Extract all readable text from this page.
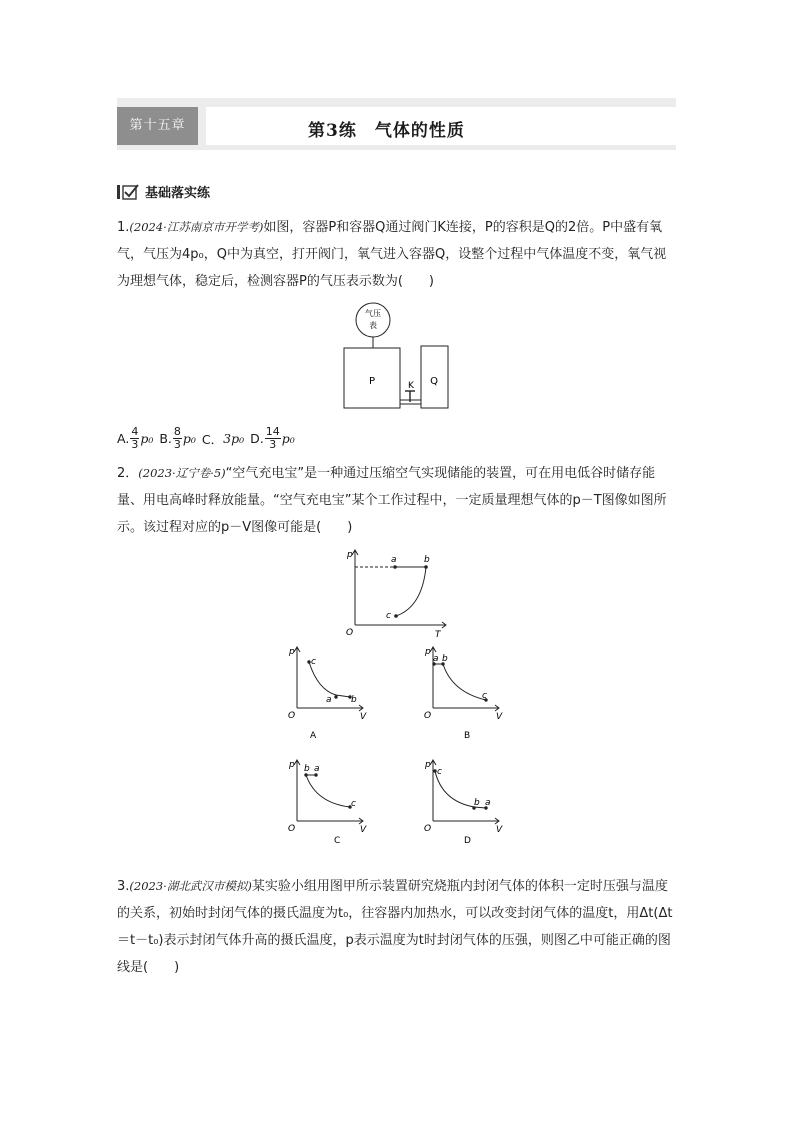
第十五章	第3练　气体的性质
基础落实练
1.(2024·江苏南京市开学考)如图，容器P和容器Q通过阀门K连接，P的容积是Q的2倍。P中盛有氧气，气压为4p₀，Q中为真空，打开阀门，氧气进入容器Q，设整个过程中气体温度不变，氧气视为理想气体，稳定后，检测容器P的气压表示数为(　　)
气压
表
P	Q
K
A. $\frac{4}{3} p_0$ B. $\frac{8}{3} p_0$ C． 3p₀ D. $\frac{14}{3} p_0$
2．(2023·辽宁卷·5)“空气充电宝”是一种通过压缩空气实现储能的装置，可在用电低谷时储存能量、用电高峰时释放能量。“空气充电宝”某个工作过程中，一定质量理想气体的p－T图像如图所示。该过程对应的p－V图像可能是(　　)
p
T
O
a	b
c
p
V
O
c
a b
A
p
V
O
a b
c
B
p
V
O
b a
c
C
p
V
O
c
b a
D
3.(2023·湖北武汉市模拟)某实验小组用图甲所示装置研究烧瓶内封闭气体的体积一定时压强与温度的关系，初始时封闭气体的摄氏温度为t₀，往容器内加热水，可以改变封闭气体的温度t，用Δt(Δt＝t－t₀)表示封闭气体升高的摄氏温度，p表示温度为t时封闭气体的压强，则图乙中可能正确的图线是(　　)
